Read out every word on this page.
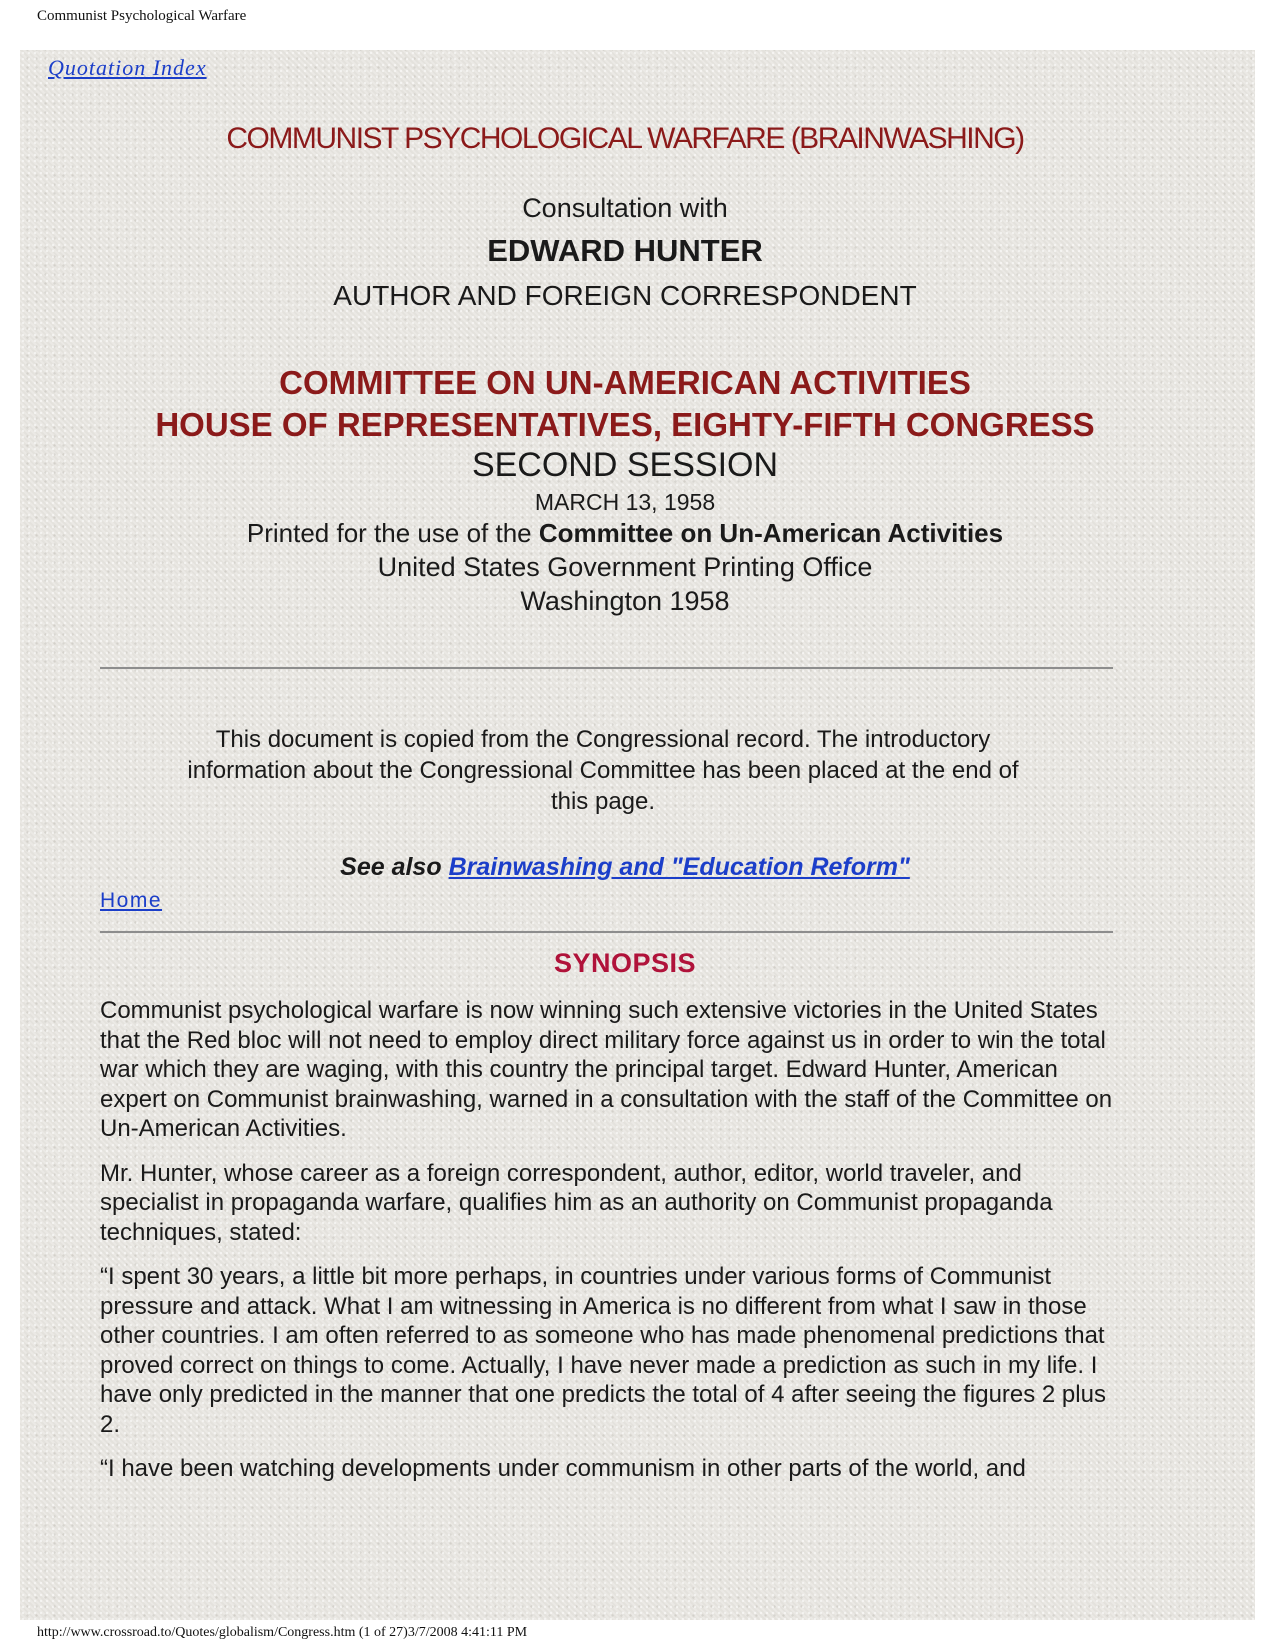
Communist Psychological Warfare
Quotation Index
COMMUNIST PSYCHOLOGICAL WARFARE (BRAINWASHING)
Consultation with
EDWARD HUNTER
AUTHOR AND FOREIGN CORRESPONDENT
COMMITTEE ON UN-AMERICAN ACTIVITIES
HOUSE OF REPRESENTATIVES, EIGHTY-FIFTH CONGRESS
SECOND SESSION
MARCH 13, 1958
Printed for the use of the Committee on Un-American Activities
United States Government Printing Office
Washington 1958
This document is copied from the Congressional record. The introductory information about the Congressional Committee has been placed at the end of this page.
See also Brainwashing and "Education Reform"
Home
SYNOPSIS

Communist psychological warfare is now winning such extensive victories in the United States that the Red bloc will not need to employ direct military force against us in order to win the total war which they are waging, with this country the principal target. Edward Hunter, American expert on Communist brainwashing, warned in a consultation with the staff of the Committee on Un-American Activities.

Mr. Hunter, whose career as a foreign correspondent, author, editor, world traveler, and specialist in propaganda warfare, qualifies him as an authority on Communist propaganda techniques, stated:

“I spent 30 years, a little bit more perhaps, in countries under various forms of Communist pressure and attack. What I am witnessing in America is no different from what I saw in those other countries. I am often referred to as someone who has made phenomenal predictions that proved correct on things to come. Actually, I have never made a prediction as such in my life. I have only predicted in the manner that one predicts the total of 4 after seeing the figures 2 plus 2.

“I have been watching developments under communism in other parts of the world, and

http://www.crossroad.to/Quotes/globalism/Congress.htm (1 of 27)3/7/2008 4:41:11 PM
